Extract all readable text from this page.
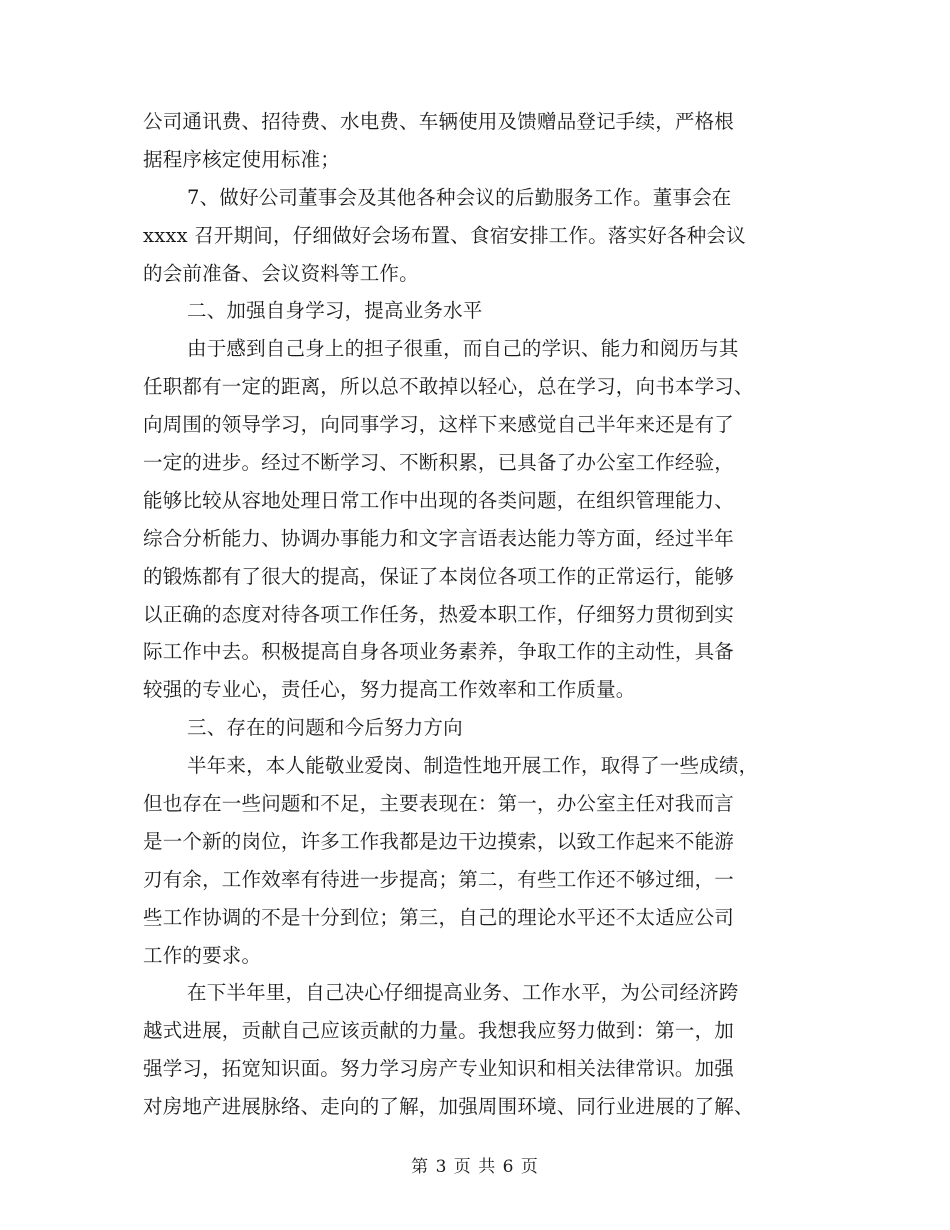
公司通讯费、招待费、水电费、车辆使用及馈赠品登记手续，严格根
据程序核定使用标准；
7、做好公司董事会及其他各种会议的后勤服务工作。董事会在
xxxx 召开期间，仔细做好会场布置、食宿安排工作。落实好各种会议
的会前准备、会议资料等工作。
二、加强自身学习，提高业务水平
由于感到自己身上的担子很重，而自己的学识、能力和阅历与其
任职都有一定的距离，所以总不敢掉以轻心，总在学习，向书本学习、
向周围的领导学习，向同事学习，这样下来感觉自己半年来还是有了
一定的进步。经过不断学习、不断积累，已具备了办公室工作经验，
能够比较从容地处理日常工作中出现的各类问题，在组织管理能力、
综合分析能力、协调办事能力和文字言语表达能力等方面，经过半年
的锻炼都有了很大的提高，保证了本岗位各项工作的正常运行，能够
以正确的态度对待各项工作任务，热爱本职工作，仔细努力贯彻到实
际工作中去。积极提高自身各项业务素养，争取工作的主动性，具备
较强的专业心，责任心，努力提高工作效率和工作质量。
三、存在的问题和今后努力方向
半年来，本人能敬业爱岗、制造性地开展工作，取得了一些成绩，
但也存在一些问题和不足，主要表现在：第一，办公室主任对我而言
是一个新的岗位，许多工作我都是边干边摸索，以致工作起来不能游
刃有余，工作效率有待进一步提高；第二，有些工作还不够过细，一
些工作协调的不是十分到位；第三，自己的理论水平还不太适应公司
工作的要求。
在下半年里，自己决心仔细提高业务、工作水平，为公司经济跨
越式进展，贡献自己应该贡献的力量。我想我应努力做到：第一，加
强学习，拓宽知识面。努力学习房产专业知识和相关法律常识。加强
对房地产进展脉络、走向的了解，加强周围环境、同行业进展的了解、
第 3 页 共 6 页
